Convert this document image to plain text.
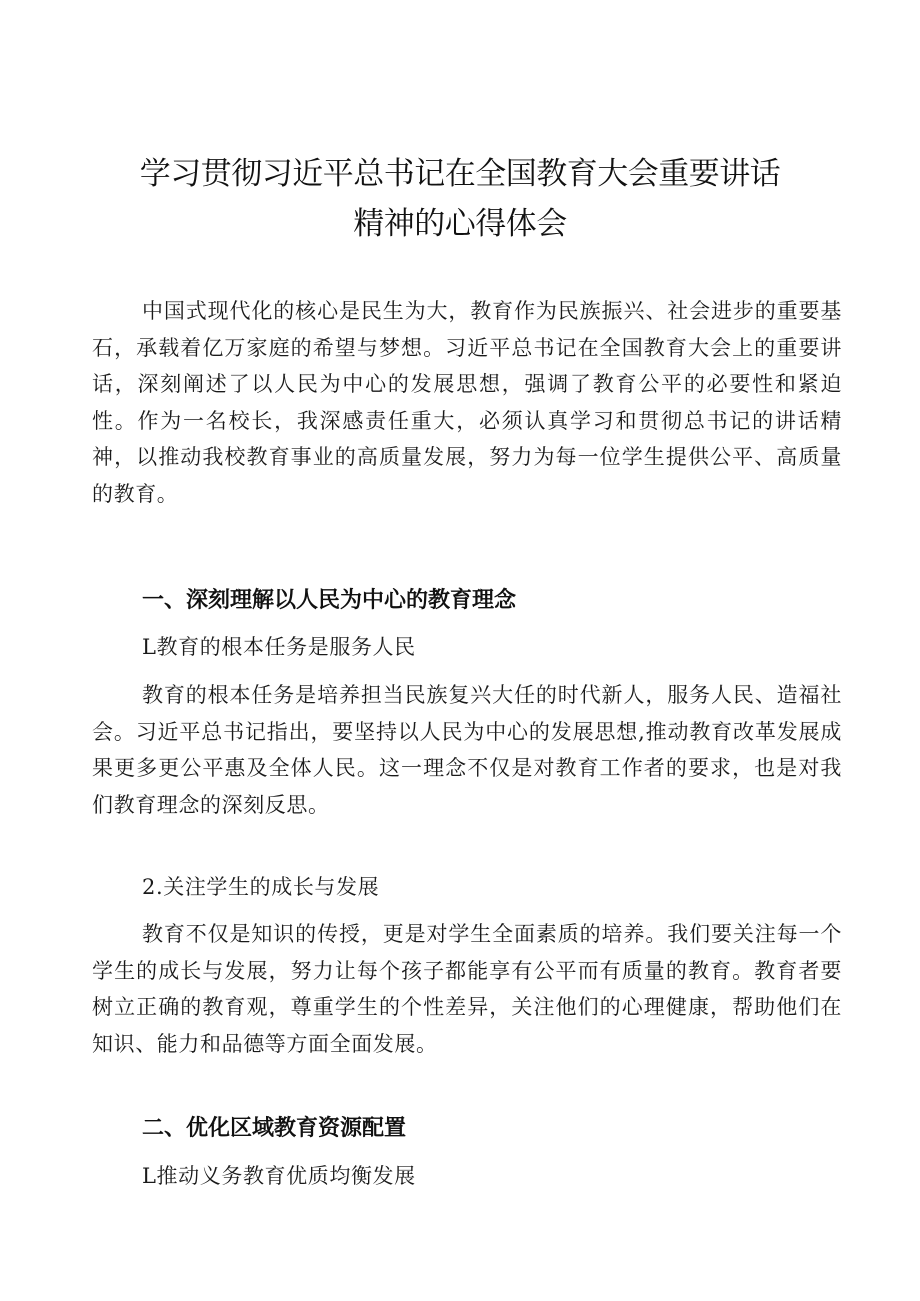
学习贯彻习近平总书记在全国教育大会重要讲话
精神的心得体会

中国式现代化的核心是民生为大，教育作为民族振兴、社会进步的重要基石，承载着亿万家庭的希望与梦想。习近平总书记在全国教育大会上的重要讲话，深刻阐述了以人民为中心的发展思想，强调了教育公平的必要性和紧迫性。作为一名校长，我深感责任重大，必须认真学习和贯彻总书记的讲话精神，以推动我校教育事业的高质量发展，努力为每一位学生提供公平、高质量的教育。

一、深刻理解以人民为中心的教育理念
L教育的根本任务是服务人民

教育的根本任务是培养担当民族复兴大任的时代新人，服务人民、造福社会。习近平总书记指出，要坚持以人民为中心的发展思想,推动教育改革发展成果更多更公平惠及全体人民。这一理念不仅是对教育工作者的要求，也是对我们教育理念的深刻反思。

2.关注学生的成长与发展

教育不仅是知识的传授，更是对学生全面素质的培养。我们要关注每一个学生的成长与发展，努力让每个孩子都能享有公平而有质量的教育。教育者要树立正确的教育观，尊重学生的个性差异，关注他们的心理健康，帮助他们在知识、能力和品德等方面全面发展。

二、优化区域教育资源配置
L推动义务教育优质均衡发展
